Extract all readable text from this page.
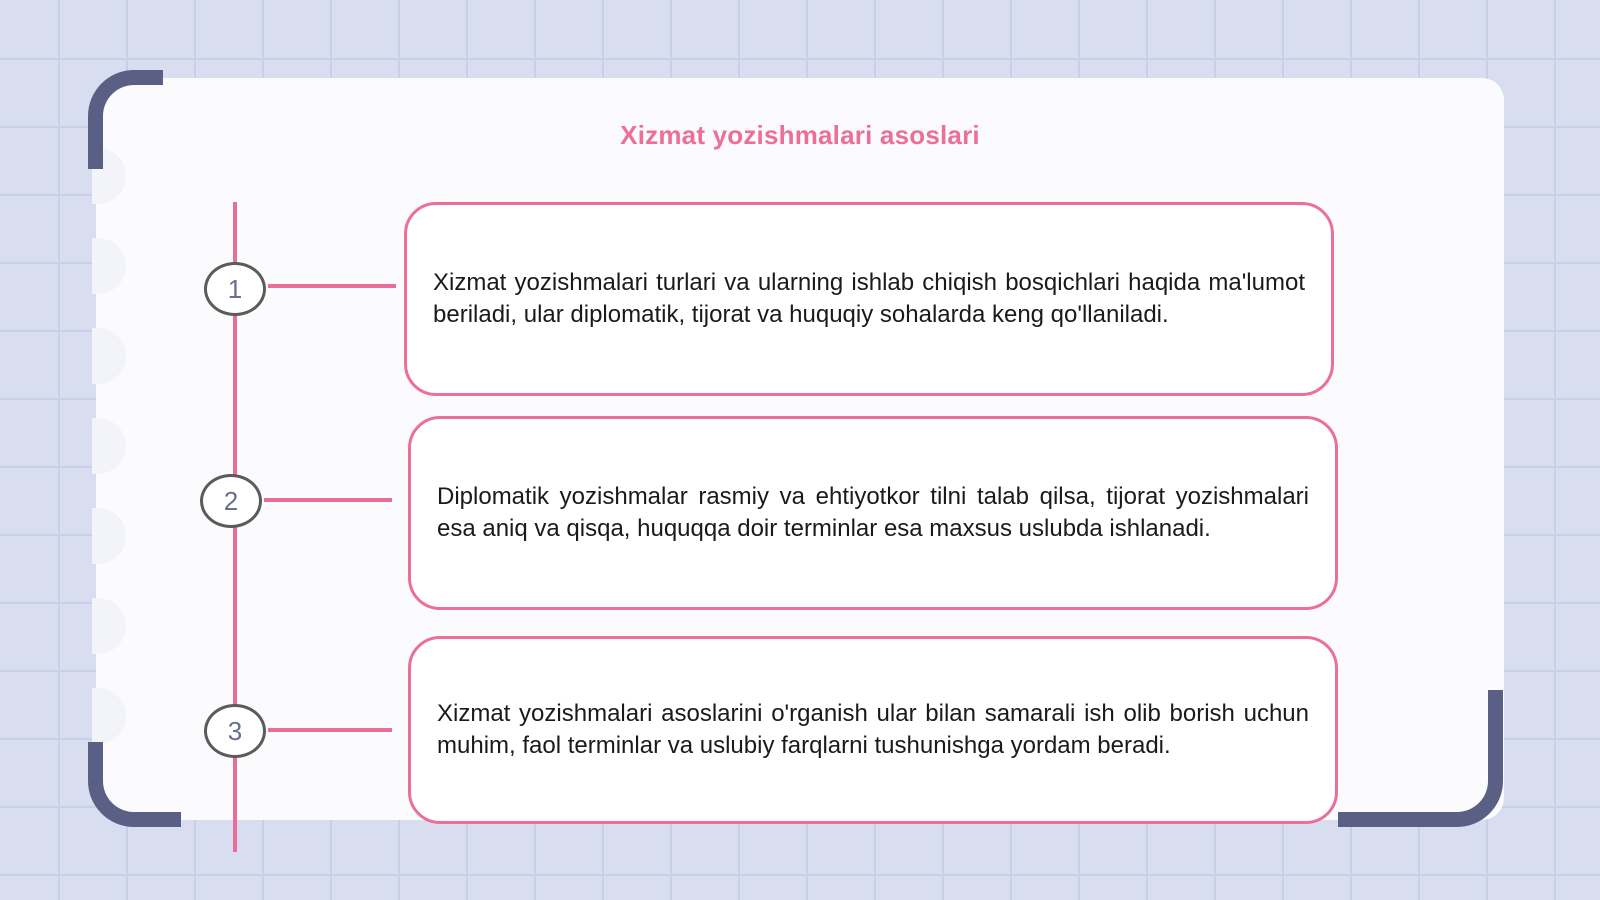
Xizmat yozishmalari asoslari
1
2
3

Xizmat yozishmalari turlari va ularning ishlab chiqish bosqichlari haqida ma'lumot beriladi, ular diplomatik, tijorat va huquqiy sohalarda keng qo'llaniladi.

Diplomatik yozishmalar rasmiy va ehtiyotkor tilni talab qilsa, tijorat yozishmalari esa aniq va qisqa, huquqqa doir terminlar esa maxsus uslubda ishlanadi.

Xizmat yozishmalari asoslarini o'rganish ular bilan samarali ish olib borish uchun muhim, faol terminlar va uslubiy farqlarni tushunishga yordam beradi.
